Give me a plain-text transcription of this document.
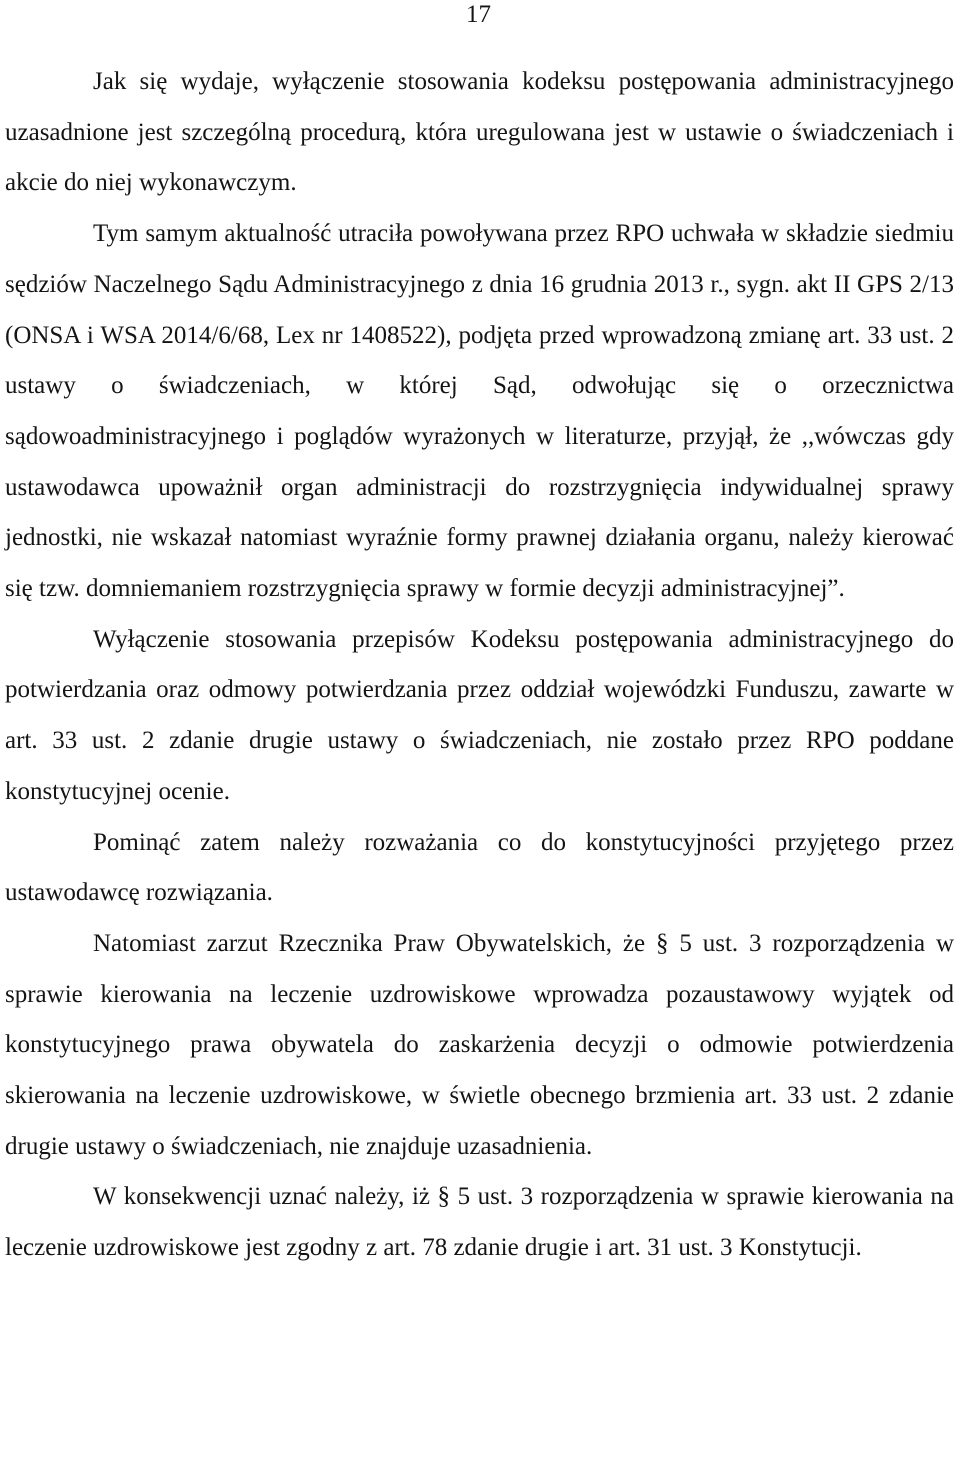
17

Jak się wydaje, wyłączenie stosowania kodeksu postępowania administracyjnego uzasadnione jest szczególną procedurą, która uregulowana jest w ustawie o świadczeniach i akcie do niej wykonawczym.

Tym samym aktualność utraciła powoływana przez RPO uchwała w składzie siedmiu sędziów Naczelnego Sądu Administracyjnego z dnia 16 grudnia 2013 r., sygn. akt II GPS 2/13 (ONSA i WSA 2014/6/68, Lex nr 1408522), podjęta przed wprowadzoną zmianę art. 33 ust. 2 ustawy o świadczeniach, w której Sąd, odwołując się o orzecznictwa sądowoadministracyjnego i poglądów wyrażonych w literaturze, przyjął, że ,,wówczas gdy ustawodawca upoważnił organ administracji do rozstrzygnięcia indywidualnej sprawy jednostki, nie wskazał natomiast wyraźnie formy prawnej działania organu, należy kierować się tzw. domniemaniem rozstrzygnięcia sprawy w formie decyzji administracyjnej”.

Wyłączenie stosowania przepisów Kodeksu postępowania administracyjnego do potwierdzania oraz odmowy potwierdzania przez oddział wojewódzki Funduszu, zawarte w art. 33 ust. 2 zdanie drugie ustawy o świadczeniach, nie zostało przez RPO poddane konstytucyjnej ocenie.

Pominąć zatem należy rozważania co do konstytucyjności przyjętego przez ustawodawcę rozwiązania.

Natomiast zarzut Rzecznika Praw Obywatelskich, że § 5 ust. 3 rozporządzenia w sprawie kierowania na leczenie uzdrowiskowe wprowadza pozaustawowy wyjątek od konstytucyjnego prawa obywatela do zaskarżenia decyzji o odmowie potwierdzenia skierowania na leczenie uzdrowiskowe, w świetle obecnego brzmienia art. 33 ust. 2 zdanie drugie ustawy o świadczeniach, nie znajduje uzasadnienia.

W konsekwencji uznać należy, iż § 5 ust. 3 rozporządzenia w sprawie kierowania na leczenie uzdrowiskowe jest zgodny z art. 78 zdanie drugie i art. 31 ust. 3 Konstytucji.
